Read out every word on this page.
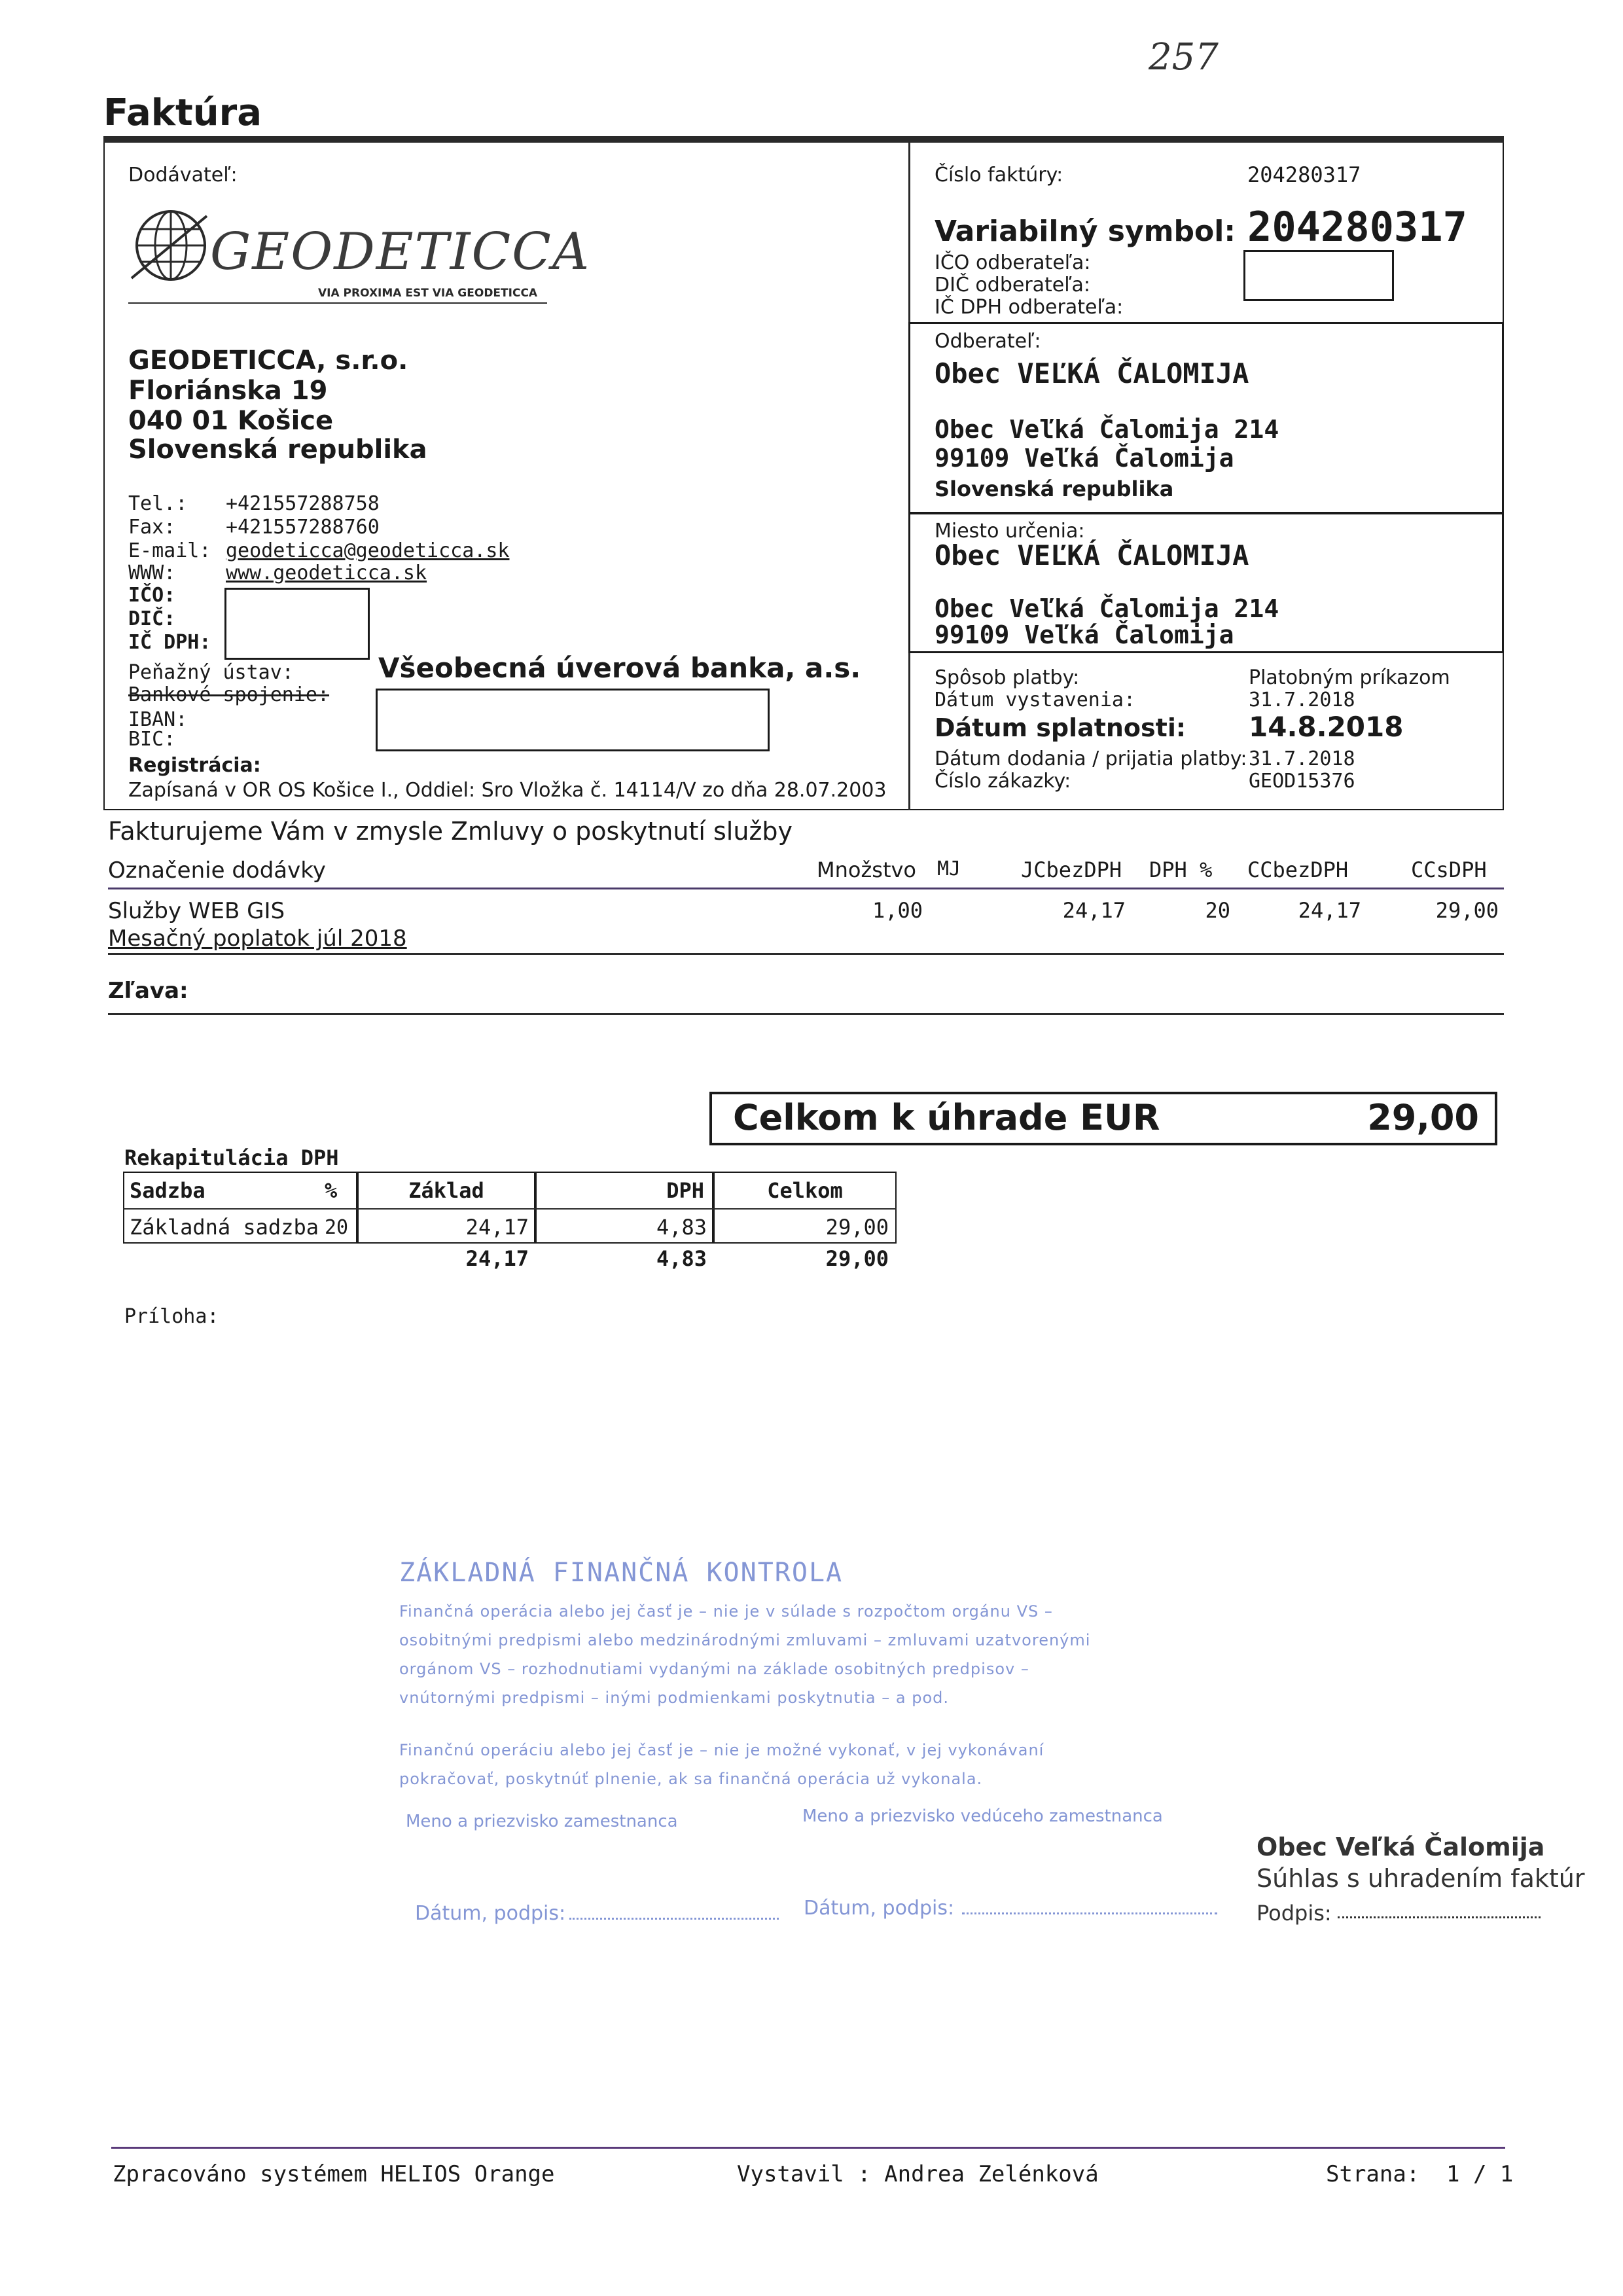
257
Faktúra
Dodávateľ:
GEODETICCA
VIA PROXIMA EST VIA GEODETICCA
GEODETICCA, s.r.o.
Floriánska 19
040 01 Košice
Slovenská republika
Tel.: +421557288758
Fax:	+421557288760
E-mail: geodeticca@geodeticca.sk
WWW:	www.geodeticca.sk
IČO:
DIČ:
IČ DPH:
Peňažný ústav:	Všeobecná úverová banka, a.s.
Bankové spojenie:
IBAN:
BIC:
Registrácia:
Zapísaná v OR OS Košice I., Oddiel: Sro Vložka č. 14114/V zo dňa 28.07.2003
Číslo faktúry:	204280317
Variabilný symbol: 204280317
IČO odberateľa:
DIČ odberateľa:
IČ DPH odberateľa:
Odberateľ:
Obec VEĽKÁ ČALOMIJA
Obec Veľká Čalomija 214
99109 Veľká Čalomija
Slovenská republika
Miesto určenia:
Obec VEĽKÁ ČALOMIJA
Obec Veľká Čalomija 214
99109 Veľká Čalomija
Spôsob platby:	Platobným príkazom
Dátum vystavenia:	31.7.2018
Dátum splatnosti: 14.8.2018
Dátum dodania / prijatia platby: 31.7.2018
Číslo zákazky:	GEOD15376
Fakturujeme Vám v zmysle Zmluvy o poskytnutí služby
Označenie dodávky	Množstvo MJ	JCbezDPH DPH % CCbezDPH	CCsDPH
Služby WEB GIS
Mesačný poplatok júl 2018
1,00	24,17	20	24,17	29,00
Zľava:
Celkom k úhrade EUR	29,00
Rekapitulácia DPH
Sadzba	%	Základ	DPH	Celkom
Základná sadzba 20	24,17	4,83	29,00
24,17	4,83	29,00
Príloha:
ZÁKLADNÁ FINANČNÁ KONTROLA
Finančná operácia alebo jej časť je – nie je v súlade s rozpočtom orgánu VS –
osobitnými predpismi alebo medzinárodnými zmluvami – zmluvami uzatvorenými
orgánom VS – rozhodnutiami vydanými na základe osobitných predpisov –
vnútornými predpismi – inými podmienkami poskytnutia – a pod.
Finančnú operáciu alebo jej časť je – nie je možné vykonať, v jej vykonávaní
pokračovať, poskytnúť plnenie, ak sa finančná operácia už vykonala.
Meno a priezvisko zamestnanca	Meno a priezvisko vedúceho zamestnanca
Dátum, podpis:	Dátum, podpis:
Obec Veľká Čalomija
Súhlas s uhradením faktúr
Podpis:
Zpracováno systémem HELIOS Orange	Vystavil : Andrea Zelénková	Strana: 1 / 1
